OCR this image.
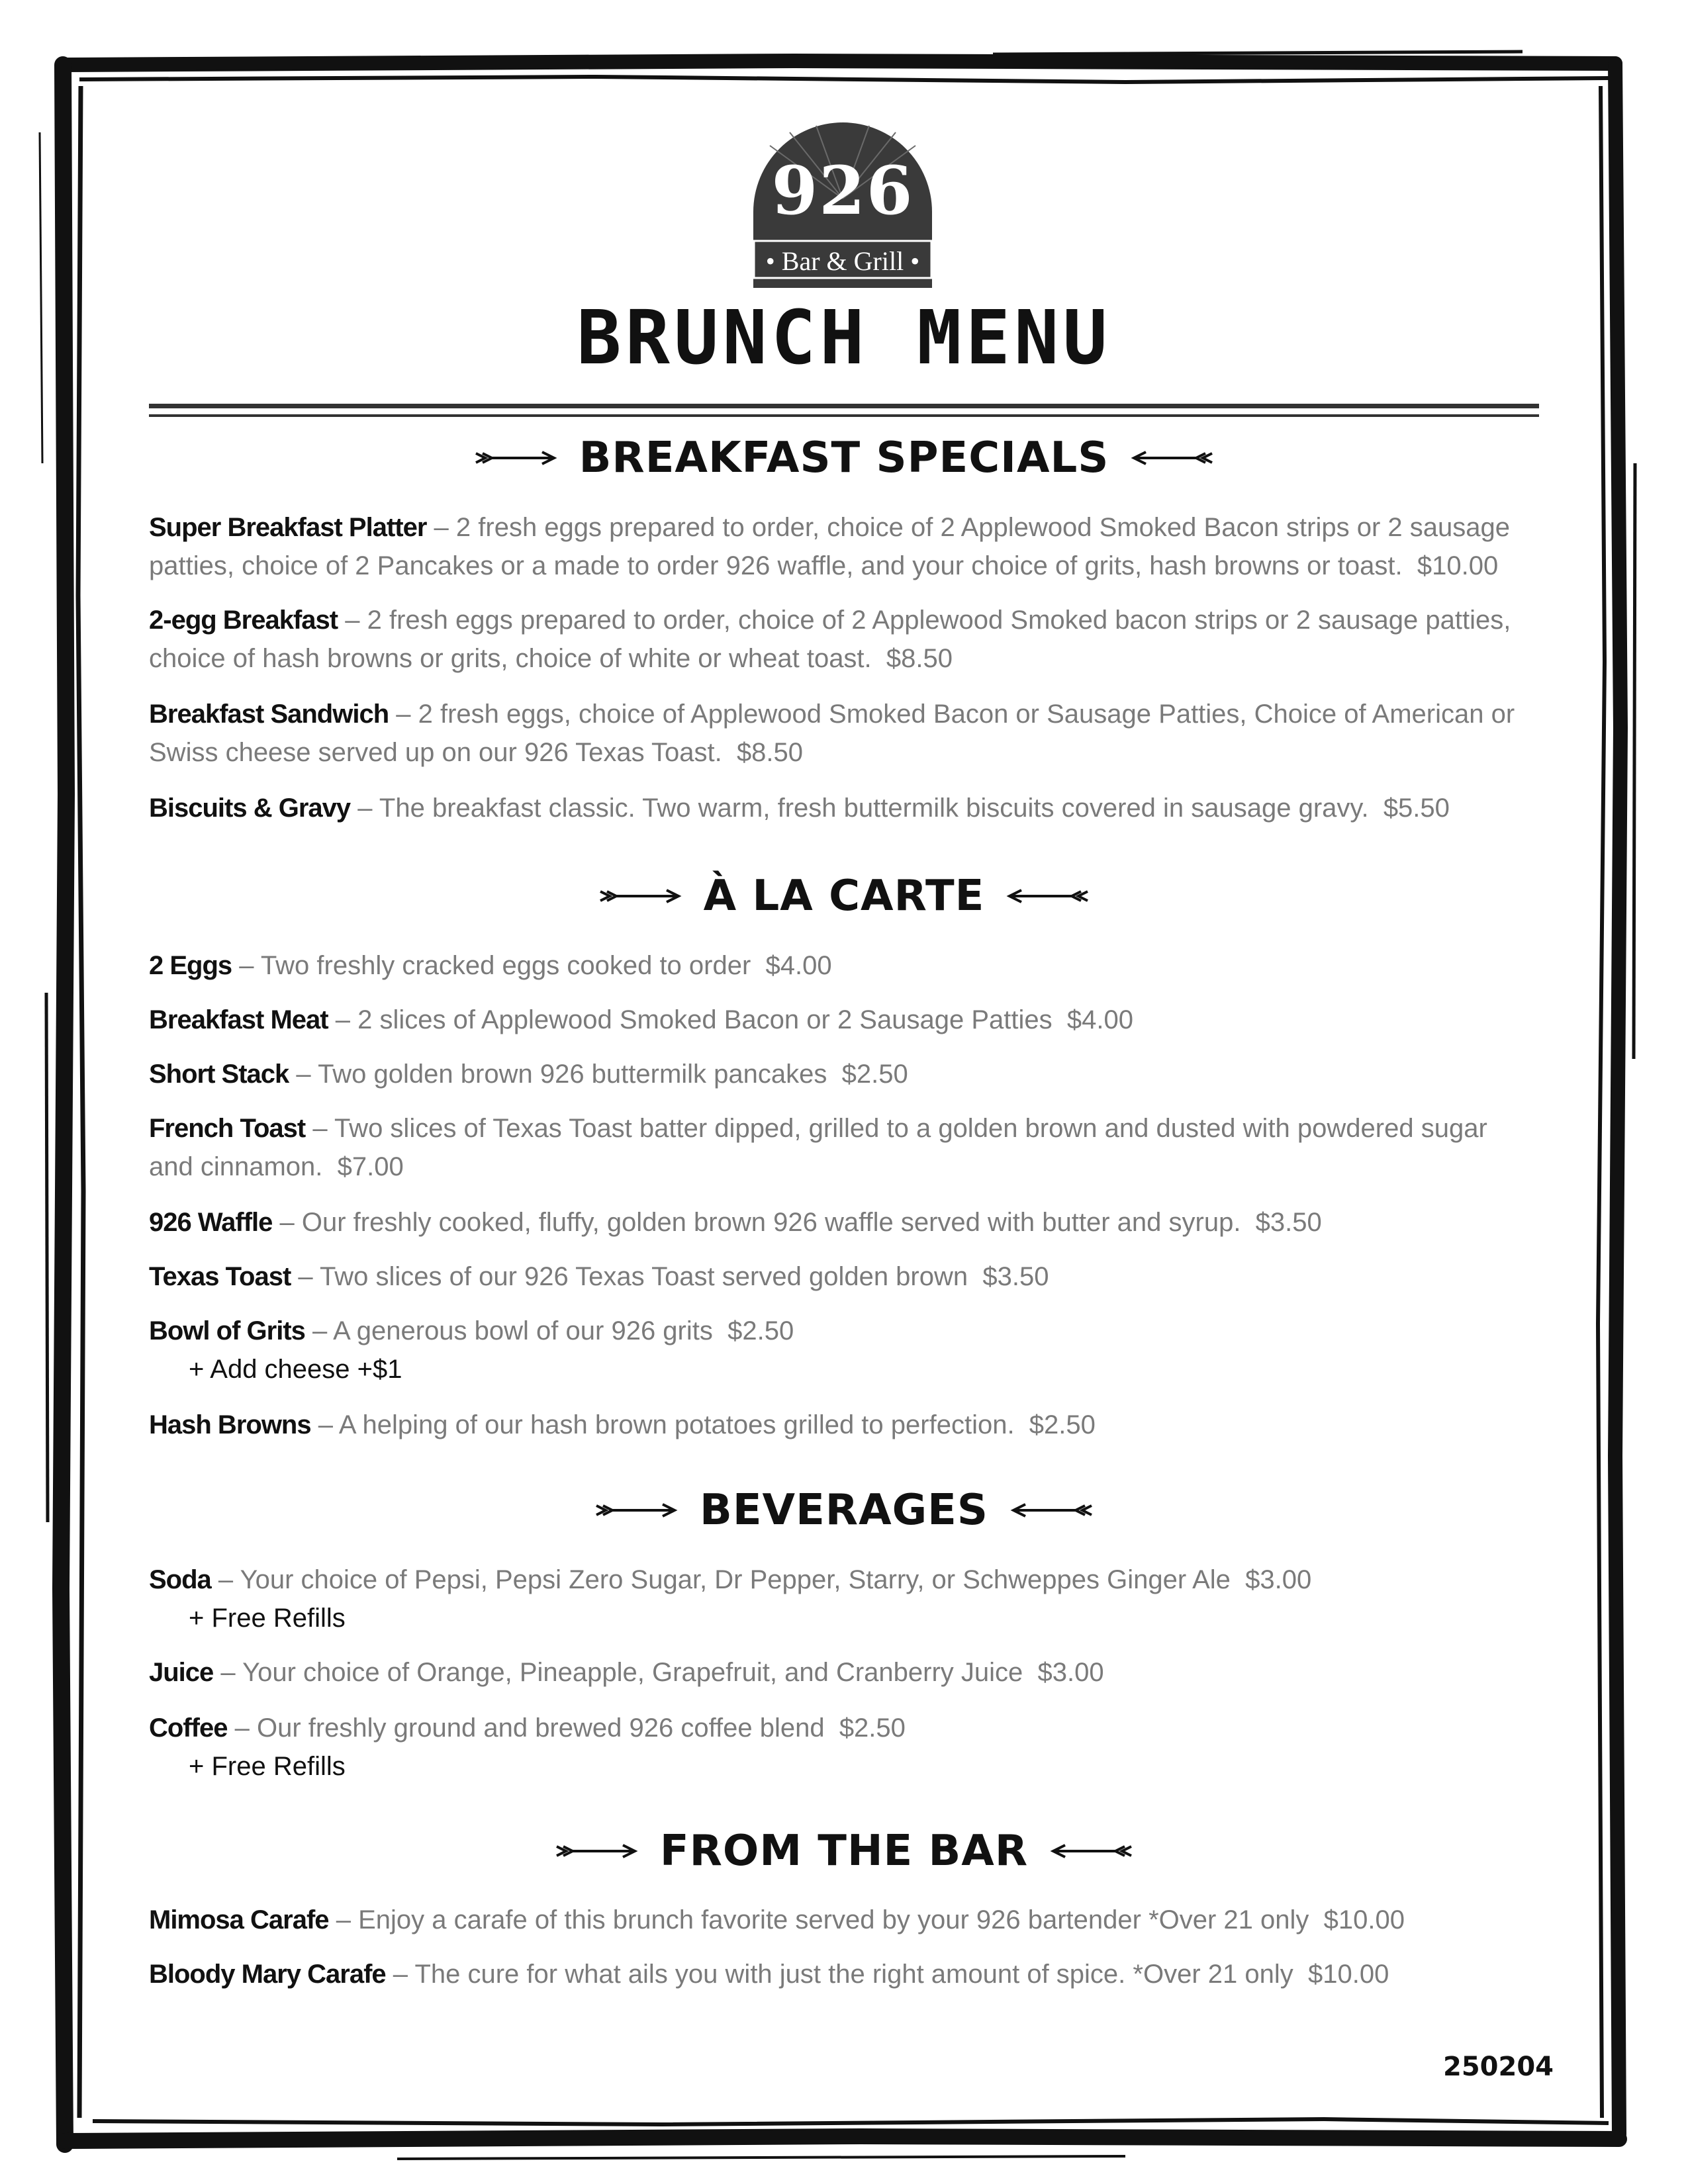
926
• Bar & Grill •
BRUNCH MENU
BREAKFAST SPECIALS
Super Breakfast Platter – 2 fresh eggs prepared to order, choice of 2 Applewood Smoked Bacon strips or 2 sausage patties, choice of 2 Pancakes or a made to order 926 waffle, and your choice of grits, hash browns or toast. $10.00
2-egg Breakfast – 2 fresh eggs prepared to order, choice of 2 Applewood Smoked bacon strips or 2 sausage patties, choice of hash browns or grits, choice of white or wheat toast. $8.50
Breakfast Sandwich – 2 fresh eggs, choice of Applewood Smoked Bacon or Sausage Patties, Choice of American or Swiss cheese served up on our 926 Texas Toast. $8.50
Biscuits & Gravy – The breakfast classic. Two warm, fresh buttermilk biscuits covered in sausage gravy. $5.50
À LA CARTE
2 Eggs – Two freshly cracked eggs cooked to order $4.00
Breakfast Meat – 2 slices of Applewood Smoked Bacon or 2 Sausage Patties $4.00
Short Stack – Two golden brown 926 buttermilk pancakes $2.50
French Toast – Two slices of Texas Toast batter dipped, grilled to a golden brown and dusted with powdered sugar and cinnamon. $7.00
926 Waffle – Our freshly cooked, fluffy, golden brown 926 waffle served with butter and syrup. $3.50
Texas Toast – Two slices of our 926 Texas Toast served golden brown $3.50
Bowl of Grits – A generous bowl of our 926 grits $2.50
+ Add cheese +$1
Hash Browns – A helping of our hash brown potatoes grilled to perfection. $2.50
BEVERAGES
Soda – Your choice of Pepsi, Pepsi Zero Sugar, Dr Pepper, Starry, or Schweppes Ginger Ale $3.00
+ Free Refills
Juice – Your choice of Orange, Pineapple, Grapefruit, and Cranberry Juice $3.00
Coffee – Our freshly ground and brewed 926 coffee blend $2.50
+ Free Refills
FROM THE BAR
Mimosa Carafe – Enjoy a carafe of this brunch favorite served by your 926 bartender *Over 21 only $10.00
Bloody Mary Carafe – The cure for what ails you with just the right amount of spice. *Over 21 only $10.00
250204
